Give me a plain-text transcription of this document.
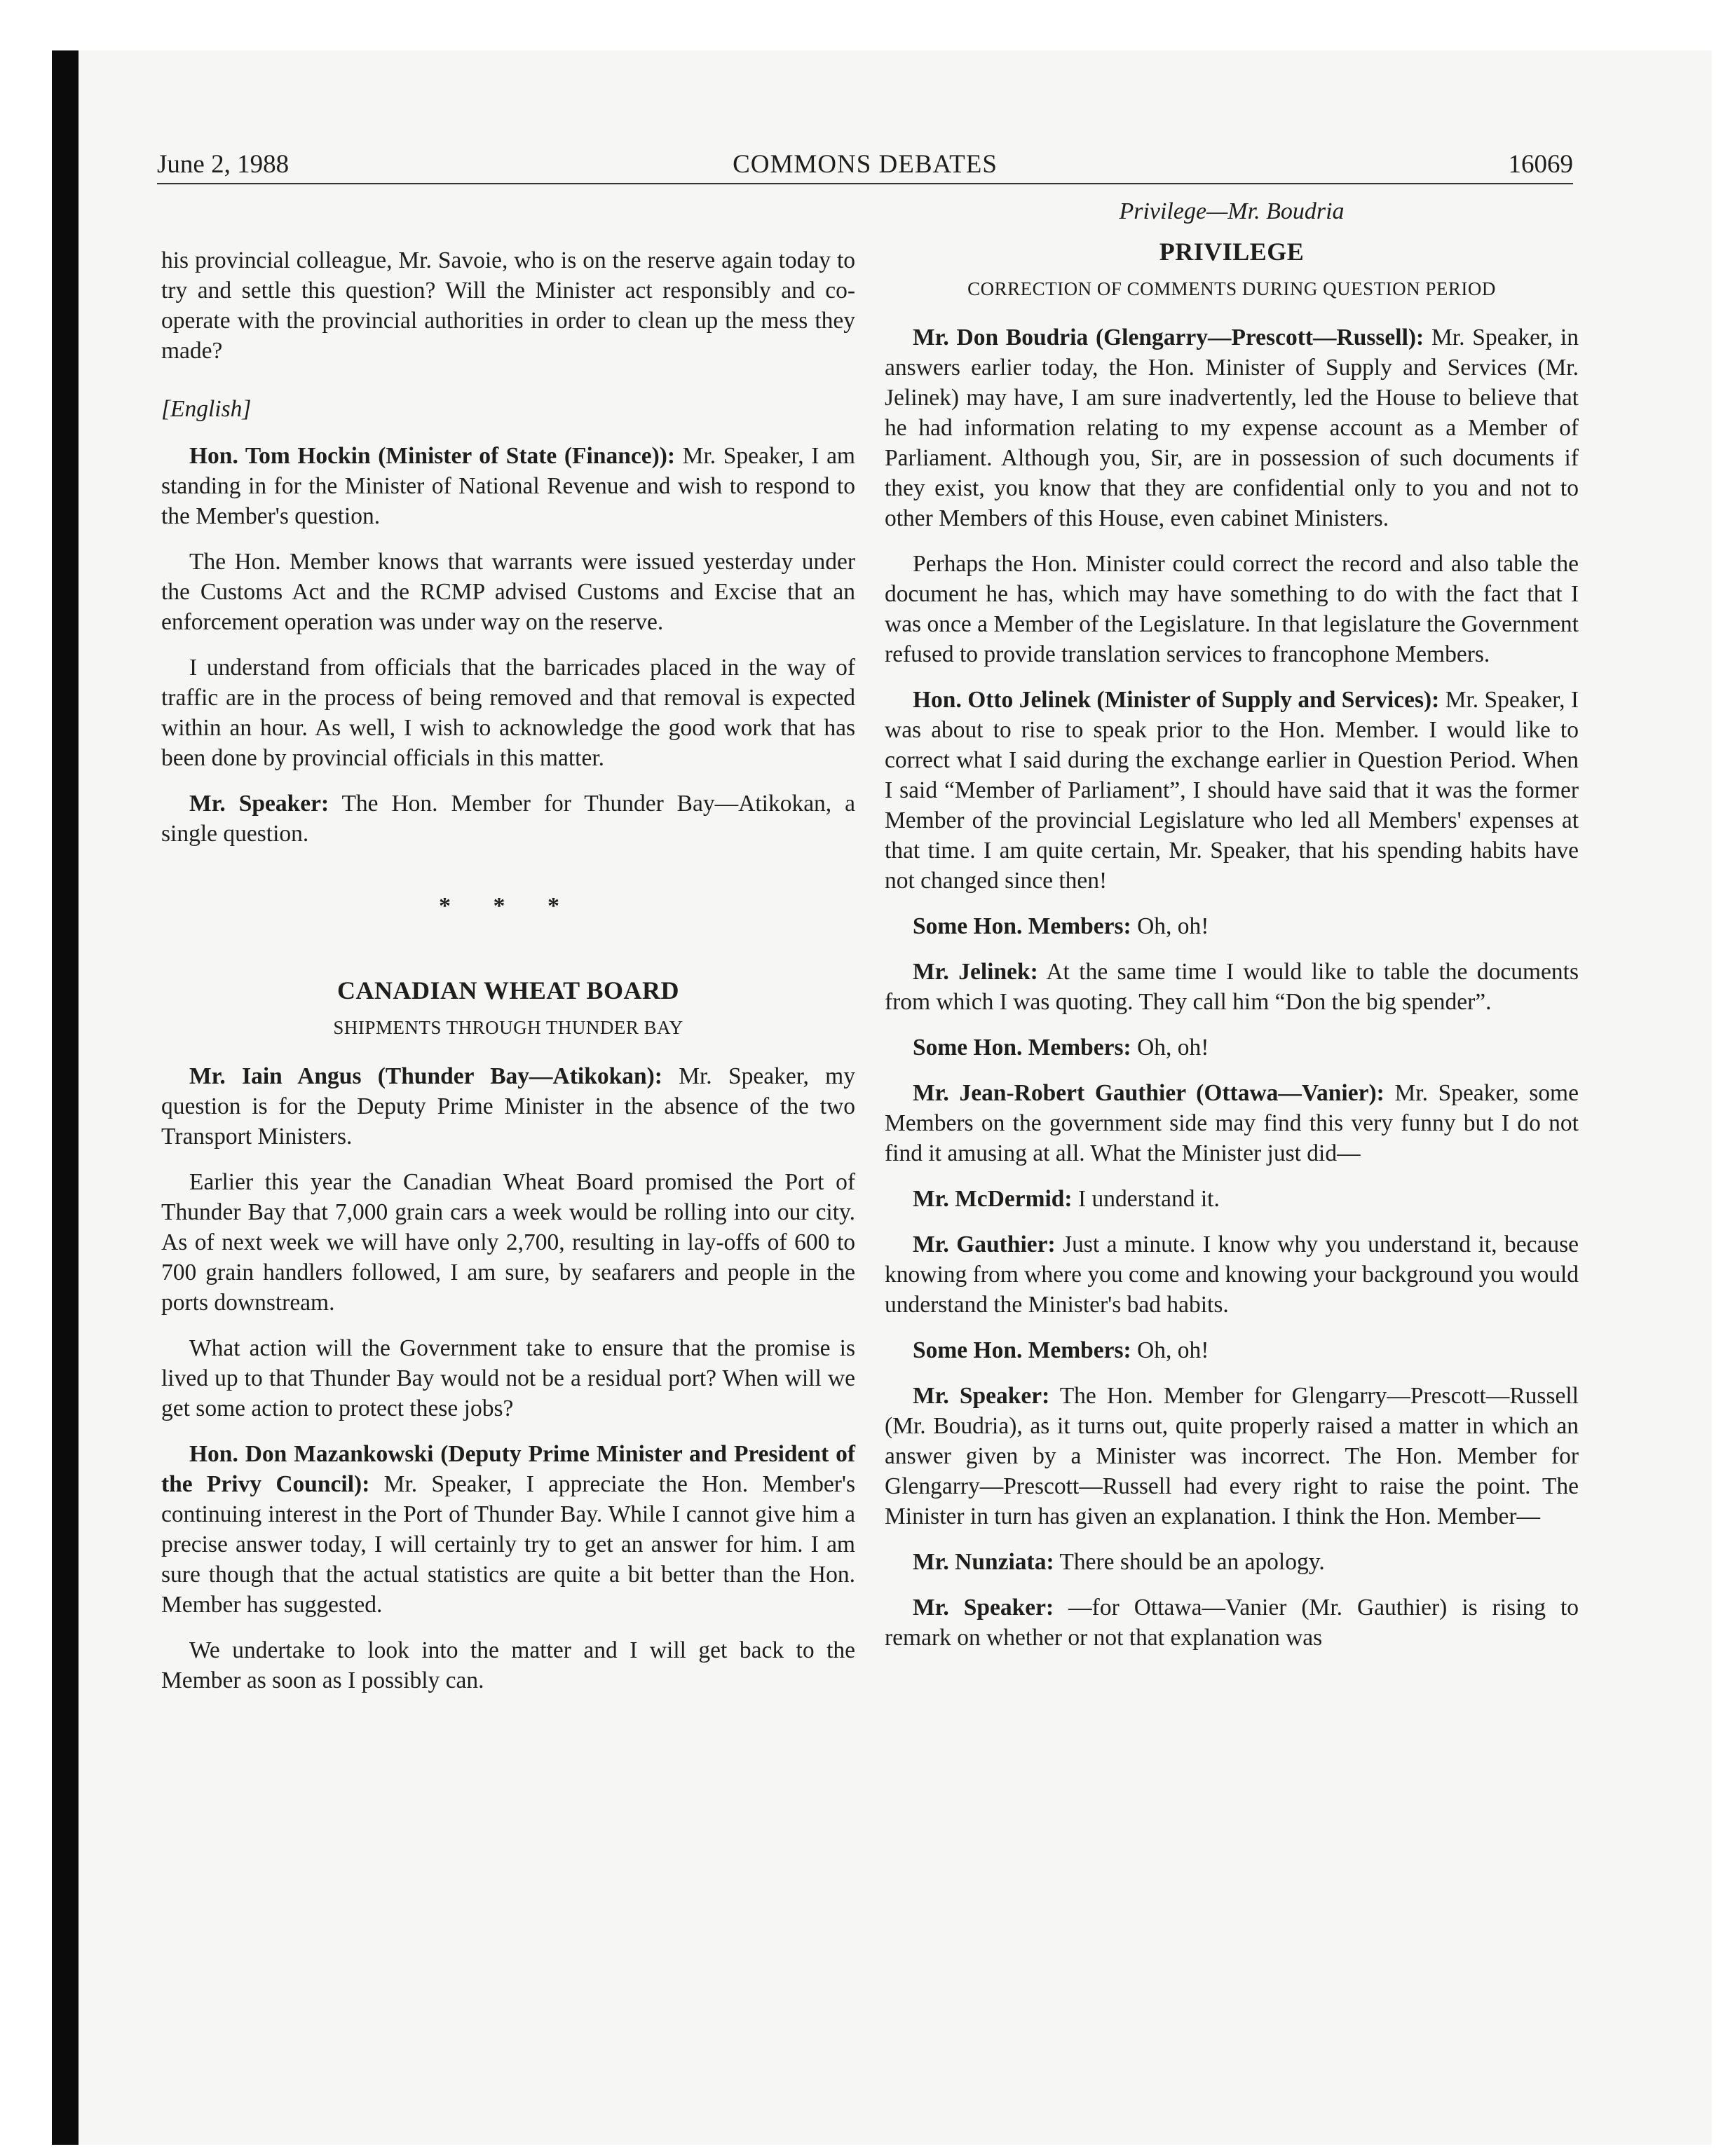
June 2, 1988	COMMONS DEBATES	16069

his provincial colleague, Mr. Savoie, who is on the reserve again today to try and settle this question? Will the Minister act responsibly and co-operate with the provincial authorities in order to clean up the mess they made?

[English]

Hon. Tom Hockin (Minister of State (Finance)): Mr. Speaker, I am standing in for the Minister of National Revenue and wish to respond to the Member's question.

The Hon. Member knows that warrants were issued yesterday under the Customs Act and the RCMP advised Customs and Excise that an enforcement operation was under way on the reserve.

I understand from officials that the barricades placed in the way of traffic are in the process of being removed and that removal is expected within an hour. As well, I wish to acknowledge the good work that has been done by provincial officials in this matter.

Mr. Speaker: The Hon. Member for Thunder Bay—Atikokan, a single question.

* * *
CANADIAN WHEAT BOARD
SHIPMENTS THROUGH THUNDER BAY

Mr. Iain Angus (Thunder Bay—Atikokan): Mr. Speaker, my question is for the Deputy Prime Minister in the absence of the two Transport Ministers.

Earlier this year the Canadian Wheat Board promised the Port of Thunder Bay that 7,000 grain cars a week would be rolling into our city. As of next week we will have only 2,700, resulting in lay-offs of 600 to 700 grain handlers followed, I am sure, by seafarers and people in the ports downstream.

What action will the Government take to ensure that the promise is lived up to that Thunder Bay would not be a residual port? When will we get some action to protect these jobs?

Hon. Don Mazankowski (Deputy Prime Minister and President of the Privy Council): Mr. Speaker, I appreciate the Hon. Member's continuing interest in the Port of Thunder Bay. While I cannot give him a precise answer today, I will certainly try to get an answer for him. I am sure though that the actual statistics are quite a bit better than the Hon. Member has suggested.

We undertake to look into the matter and I will get back to the Member as soon as I possibly can.

Privilege—Mr. Boudria
PRIVILEGE
CORRECTION OF COMMENTS DURING QUESTION PERIOD

Mr. Don Boudria (Glengarry—Prescott—Russell): Mr. Speaker, in answers earlier today, the Hon. Minister of Supply and Services (Mr. Jelinek) may have, I am sure inadvertently, led the House to believe that he had information relating to my expense account as a Member of Parliament. Although you, Sir, are in possession of such documents if they exist, you know that they are confidential only to you and not to other Members of this House, even cabinet Ministers.

Perhaps the Hon. Minister could correct the record and also table the document he has, which may have something to do with the fact that I was once a Member of the Legislature. In that legislature the Government refused to provide translation services to francophone Members.

Hon. Otto Jelinek (Minister of Supply and Services): Mr. Speaker, I was about to rise to speak prior to the Hon. Member. I would like to correct what I said during the exchange earlier in Question Period. When I said “Member of Parliament”, I should have said that it was the former Member of the provincial Legislature who led all Members' expenses at that time. I am quite certain, Mr. Speaker, that his spending habits have not changed since then!

Some Hon. Members: Oh, oh!

Mr. Jelinek: At the same time I would like to table the documents from which I was quoting. They call him “Don the big spender”.

Some Hon. Members: Oh, oh!

Mr. Jean-Robert Gauthier (Ottawa—Vanier): Mr. Speaker, some Members on the government side may find this very funny but I do not find it amusing at all. What the Minister just did—

Mr. McDermid: I understand it.

Mr. Gauthier: Just a minute. I know why you understand it, because knowing from where you come and knowing your background you would understand the Minister's bad habits.

Some Hon. Members: Oh, oh!

Mr. Speaker: The Hon. Member for Glengarry—Prescott—Russell (Mr. Boudria), as it turns out, quite properly raised a matter in which an answer given by a Minister was incorrect. The Hon. Member for Glengarry—Prescott—Russell had every right to raise the point. The Minister in turn has given an explanation. I think the Hon. Member—

Mr. Nunziata: There should be an apology.

Mr. Speaker: —for Ottawa—Vanier (Mr. Gauthier) is rising to remark on whether or not that explanation was
